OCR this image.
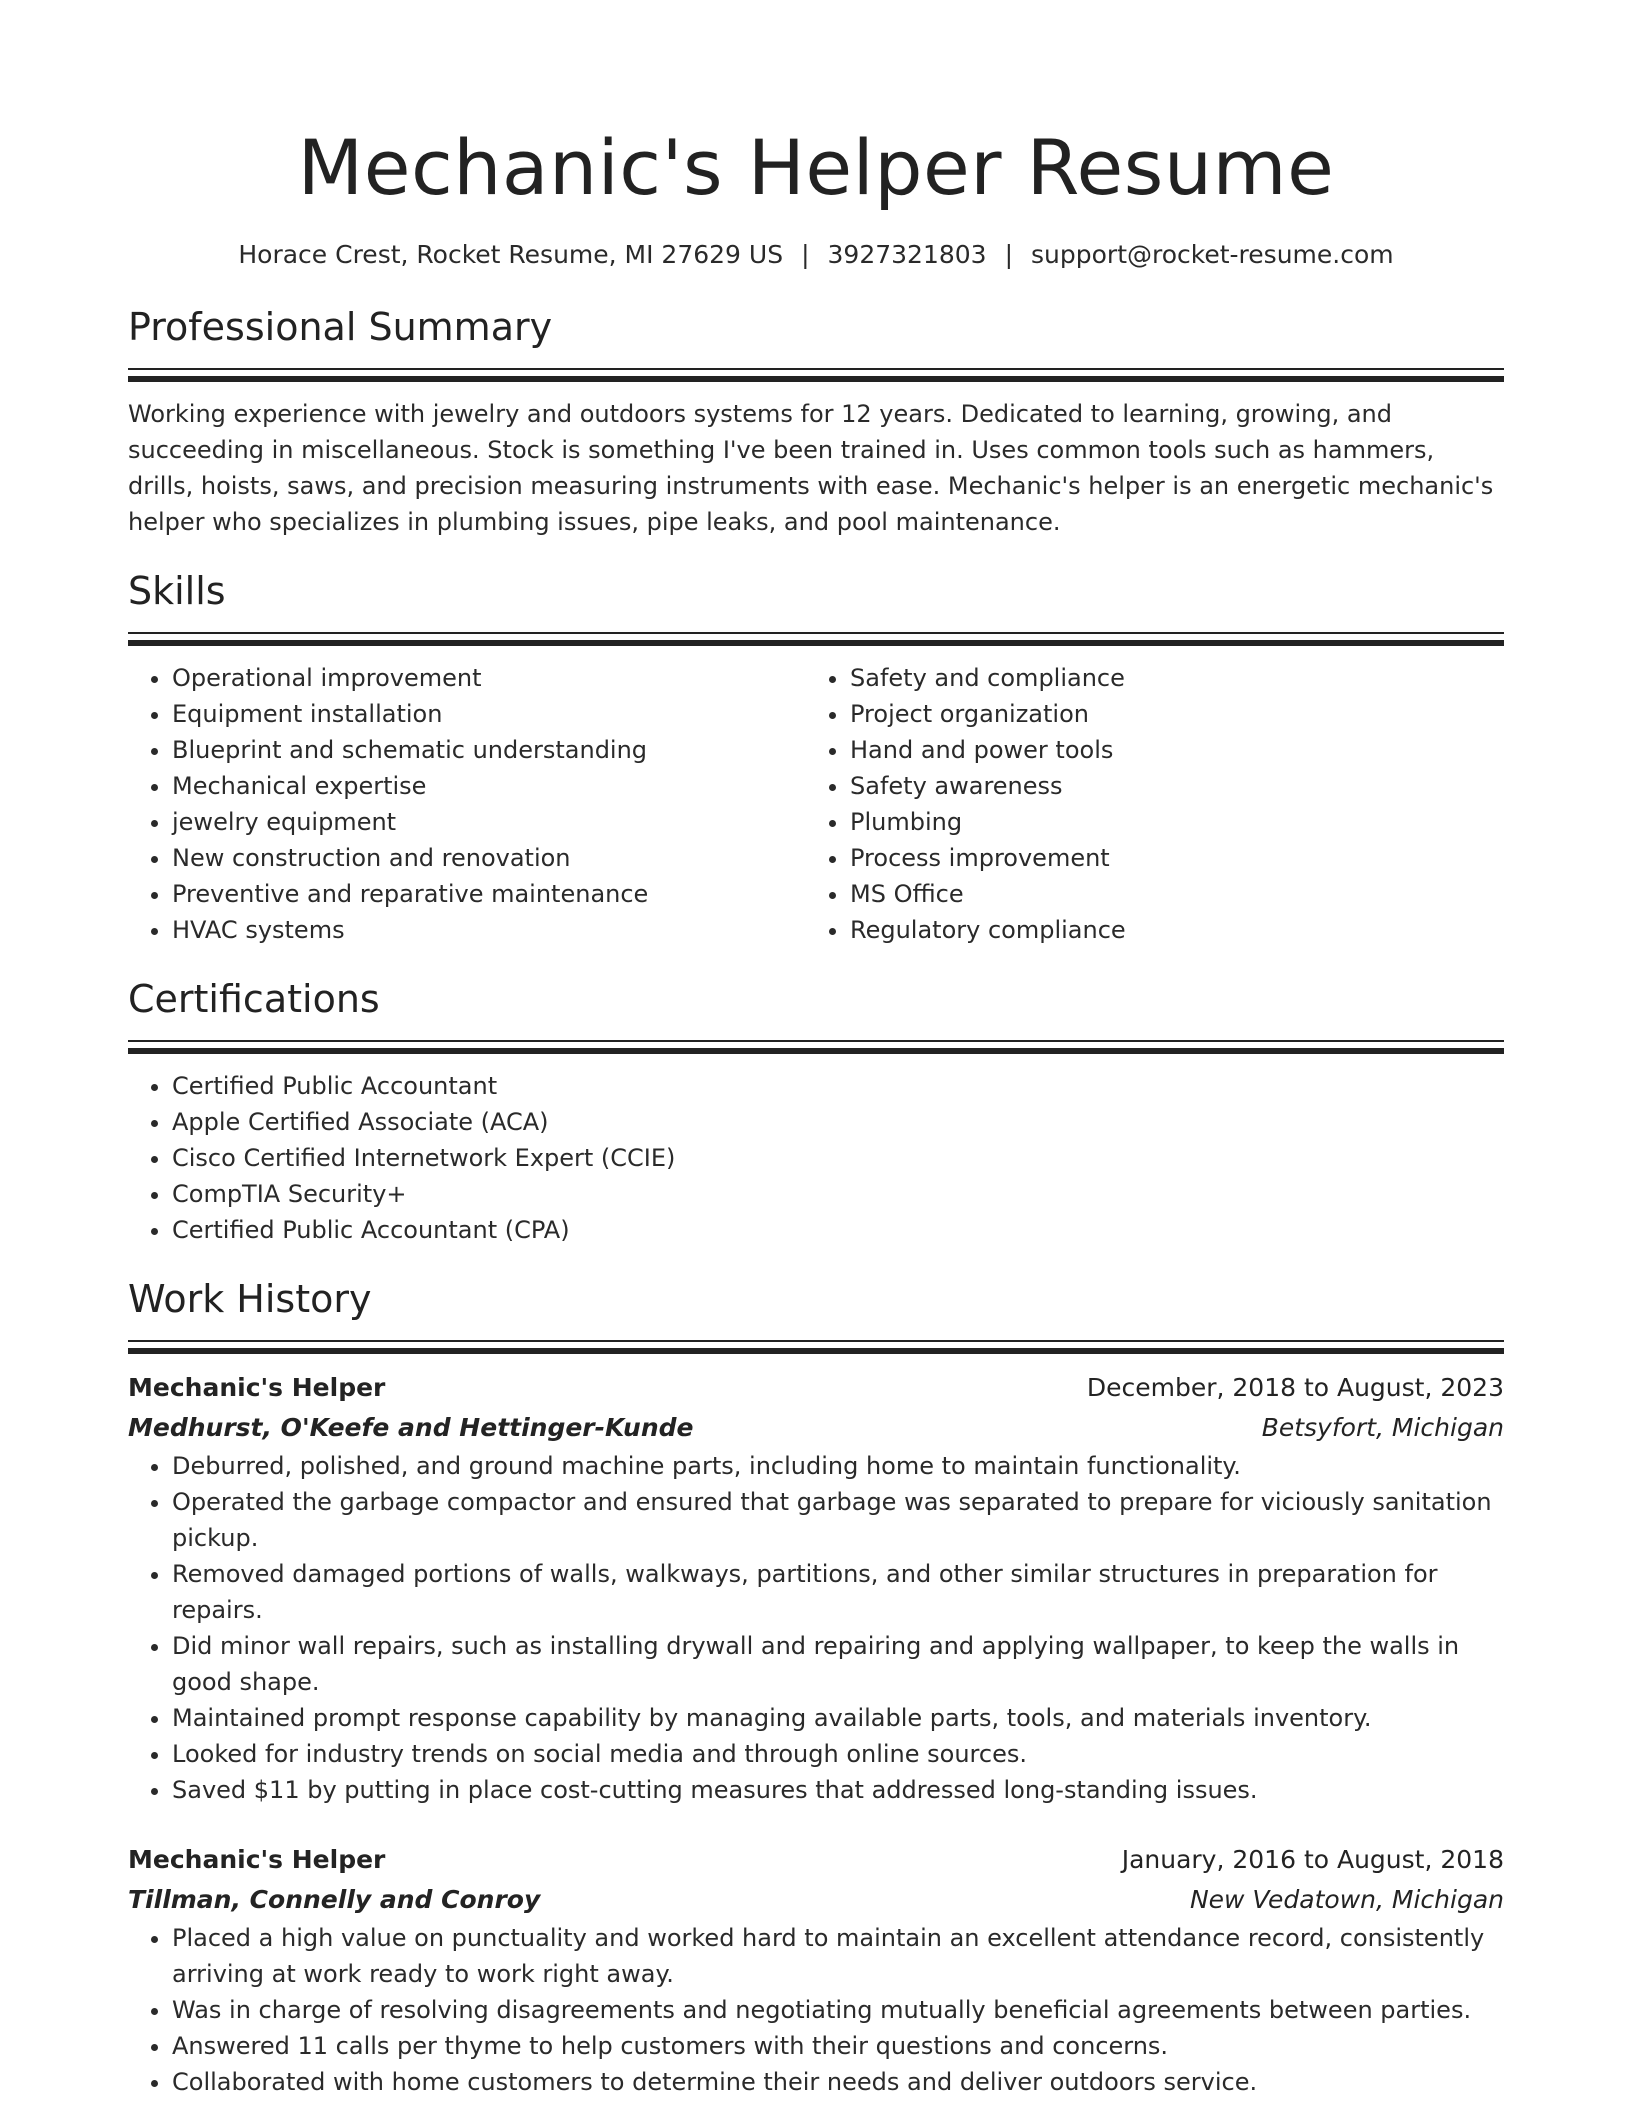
Mechanic's Helper Resume
Horace Crest, Rocket Resume, MI 27629 US | 3927321803 | support@rocket-resume.com
Professional Summary
Working experience with jewelry and outdoors systems for 12 years. Dedicated to learning, growing, and succeeding in miscellaneous. Stock is something I've been trained in. Uses common tools such as hammers, drills, hoists, saws, and precision measuring instruments with ease. Mechanic's helper is an energetic mechanic's helper who specializes in plumbing issues, pipe leaks, and pool maintenance.
Skills
• Operational improvement
• Equipment installation
• Blueprint and schematic understanding
• Mechanical expertise
• jewelry equipment
• New construction and renovation
• Preventive and reparative maintenance
• HVAC systems
• Safety and compliance
• Project organization
• Hand and power tools
• Safety awareness
• Plumbing
• Process improvement
• MS Office
• Regulatory compliance
Certifications
• Certified Public Accountant
• Apple Certified Associate (ACA)
• Cisco Certified Internetwork Expert (CCIE)
• CompTIA Security+
• Certified Public Accountant (CPA)
Work History
Mechanic's Helper	December, 2018 to August, 2023
Medhurst, O'Keefe and Hettinger-Kunde	Betsyfort, Michigan
• Deburred, polished, and ground machine parts, including home to maintain functionality.
• Operated the garbage compactor and ensured that garbage was separated to prepare for viciously sanitation pickup.
• Removed damaged portions of walls, walkways, partitions, and other similar structures in preparation for repairs.
• Did minor wall repairs, such as installing drywall and repairing and applying wallpaper, to keep the walls in good shape.
• Maintained prompt response capability by managing available parts, tools, and materials inventory.
• Looked for industry trends on social media and through online sources.
• Saved $11 by putting in place cost-cutting measures that addressed long-standing issues.
Mechanic's Helper	January, 2016 to August, 2018
Tillman, Connelly and Conroy	New Vedatown, Michigan
• Placed a high value on punctuality and worked hard to maintain an excellent attendance record, consistently arriving at work ready to work right away.
• Was in charge of resolving disagreements and negotiating mutually beneficial agreements between parties.
• Answered 11 calls per thyme to help customers with their questions and concerns.
• Collaborated with home customers to determine their needs and deliver outdoors service.
